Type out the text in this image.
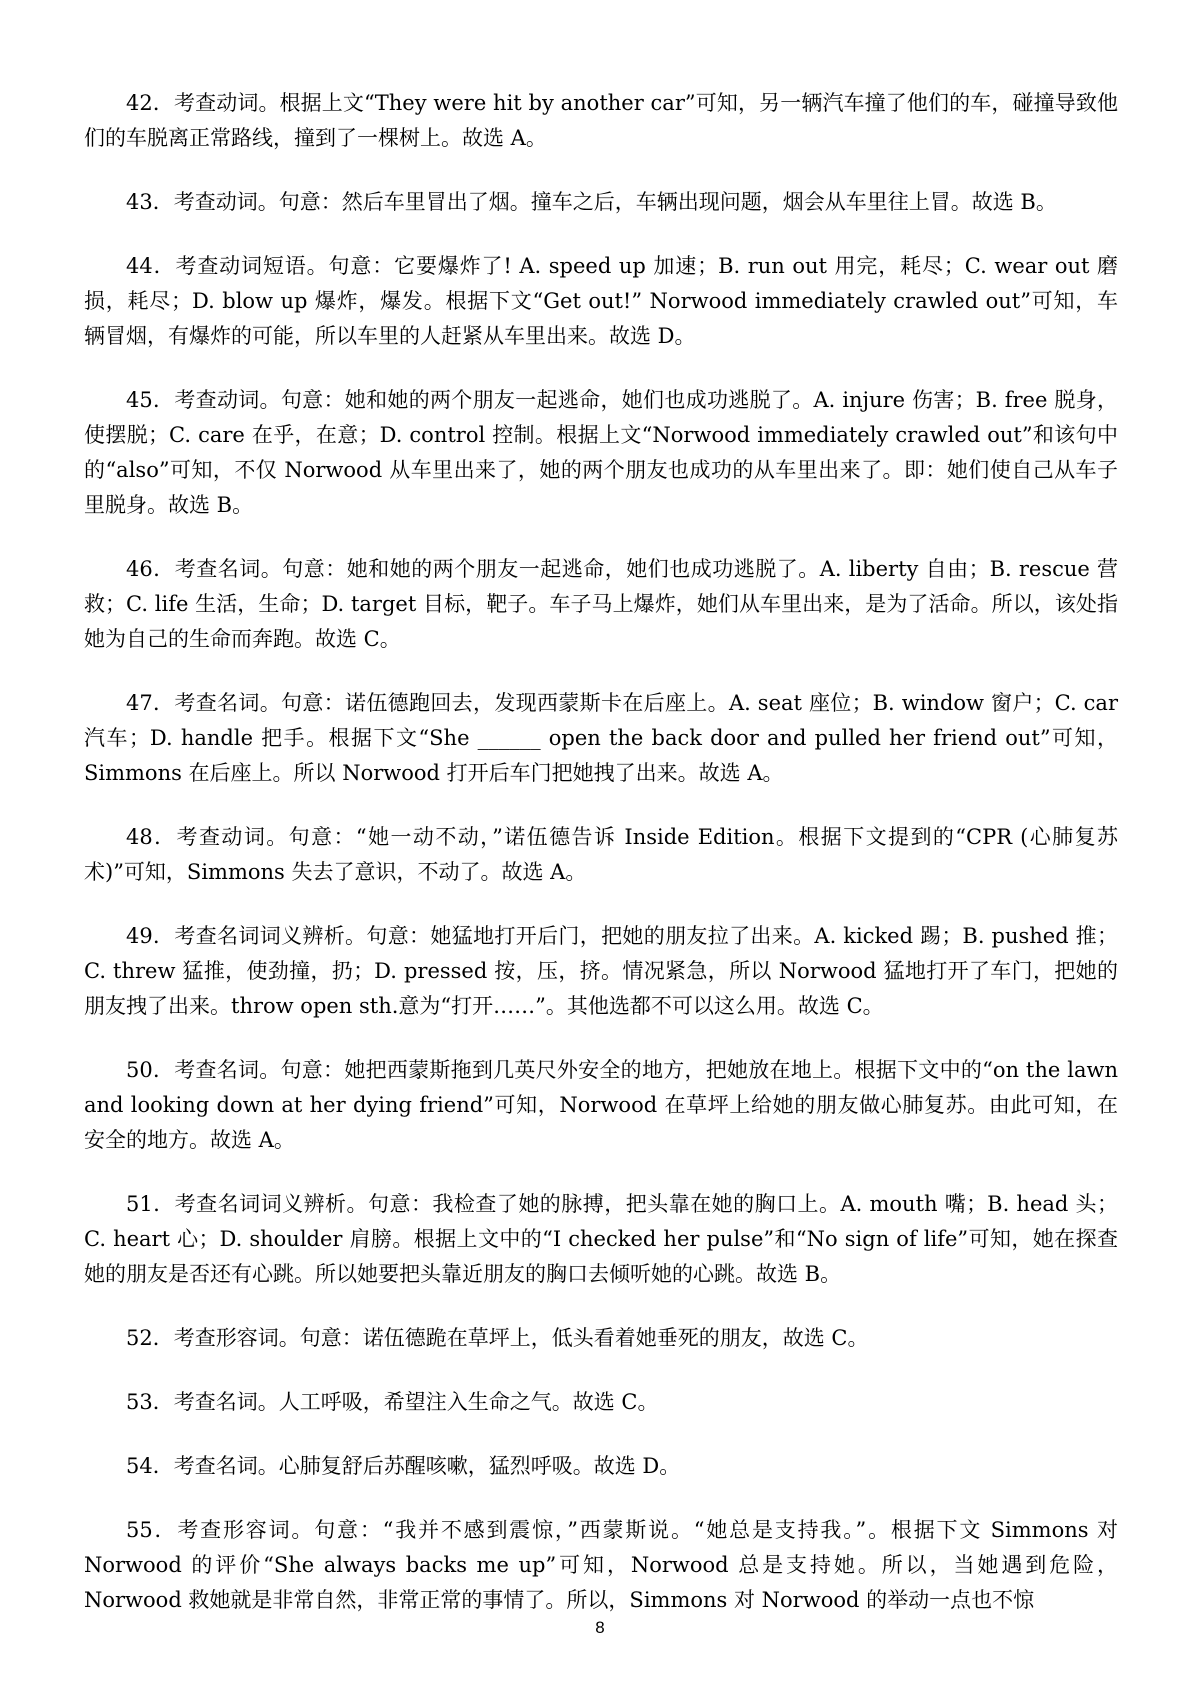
42．考查动词。根据上文“They were hit by another car”可知，另一辆汽车撞了他们的车，碰撞导致他们的车脱离正常路线，撞到了一棵树上。故选 A。

43．考查动词。句意：然后车里冒出了烟。撞车之后，车辆出现问题，烟会从车里往上冒。故选 B。

44．考查动词短语。句意：它要爆炸了! A. speed up 加速；B. run out 用完，耗尽；C. wear out 磨损，耗尽；D. blow up 爆炸，爆发。根据下文“Get out!” Norwood immediately crawled out”可知，车辆冒烟，有爆炸的可能，所以车里的人赶紧从车里出来。故选 D。

45．考查动词。句意：她和她的两个朋友一起逃命，她们也成功逃脱了。A. injure 伤害；B. free 脱身，使摆脱；C. care 在乎，在意；D. control 控制。根据上文“Norwood immediately crawled out”和该句中的“also”可知，不仅 Norwood 从车里出来了，她的两个朋友也成功的从车里出来了。即：她们使自己从车子里脱身。故选 B。

46．考查名词。句意：她和她的两个朋友一起逃命，她们也成功逃脱了。A. liberty 自由；B. rescue 营救；C. life 生活，生命；D. target 目标，靶子。车子马上爆炸，她们从车里出来，是为了活命。所以，该处指她为自己的生命而奔跑。故选 C。

47．考查名词。句意：诺伍德跑回去，发现西蒙斯卡在后座上。A. seat 座位；B. window 窗户；C. car 汽车；D. handle 把手。根据下文“She ______ open the back door and pulled her friend out”可知，Simmons 在后座上。所以 Norwood 打开后车门把她拽了出来。故选 A。

48．考查动词。句意：“她一动不动，”诺伍德告诉 Inside Edition。根据下文提到的“CPR (心肺复苏术)”可知，Simmons 失去了意识，不动了。故选 A。

49．考查名词词义辨析。句意：她猛地打开后门，把她的朋友拉了出来。A. kicked 踢；B. pushed 推；C. threw 猛推，使劲撞，扔；D. pressed 按，压，挤。情况紧急，所以 Norwood 猛地打开了车门，把她的朋友拽了出来。throw open sth.意为“打开……”。其他选都不可以这么用。故选 C。

50．考查名词。句意：她把西蒙斯拖到几英尺外安全的地方，把她放在地上。根据下文中的“on the lawn and looking down at her dying friend”可知，Norwood 在草坪上给她的朋友做心肺复苏。由此可知，在安全的地方。故选 A。

51．考查名词词义辨析。句意：我检查了她的脉搏，把头靠在她的胸口上。A. mouth 嘴；B. head 头；C. heart 心；D. shoulder 肩膀。根据上文中的“I checked her pulse”和“No sign of life”可知，她在探查她的朋友是否还有心跳。所以她要把头靠近朋友的胸口去倾听她的心跳。故选 B。

52．考查形容词。句意：诺伍德跪在草坪上，低头看着她垂死的朋友，故选 C。

53．考查名词。人工呼吸，希望注入生命之气。故选 C。

54．考查名词。心肺复舒后苏醒咳嗽，猛烈呼吸。故选 D。

55．考查形容词。句意：“我并不感到震惊，”西蒙斯说。“她总是支持我。”。根据下文 Simmons 对 Norwood 的评价“She always backs me up”可知，Norwood 总是支持她。所以，当她遇到危险，Norwood 救她就是非常自然，非常正常的事情了。所以，Simmons 对 Norwood 的举动一点也不惊

8
